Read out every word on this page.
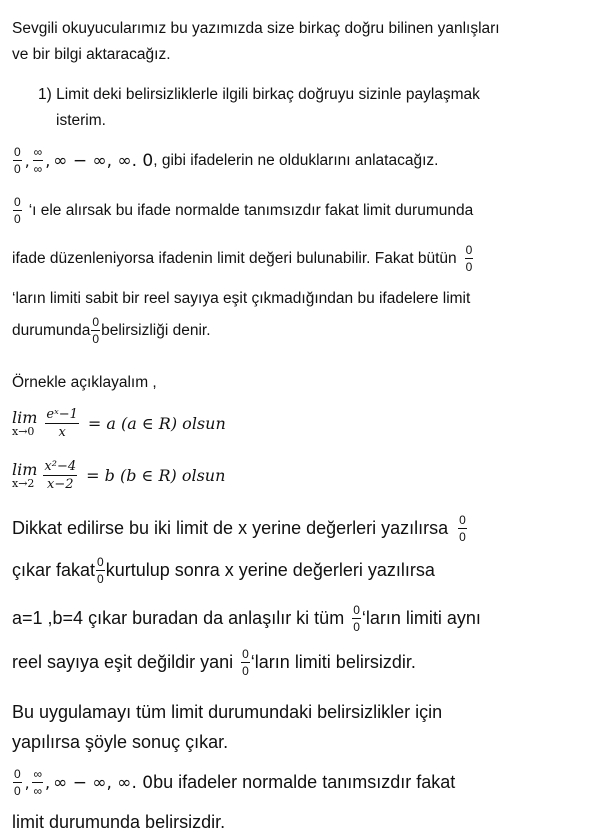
Sevgili okuyucularımız bu yazımızda size birkaç doğru bilinen yanlışları
ve bir bilgi aktaracağız.
1) Limit deki belirsizliklerle ilgili birkaç doğruyu sizinle paylaşmak
isterim.
$\frac{0}{0}$ , $\frac{\infty}{\infty}$ , ∞ − ∞, ∞. 0 , gibi ifadelerin ne olduklarını anlatacağız.
$\frac{0}{0}$ ‘ı ele alırsak bu ifade normalde tanımsızdır fakat limit durumunda
ifade düzenleniyorsa ifadenin limit değeri bulunabilir. Fakat bütün $\frac{0}{0}$
‘ların limiti sabit bir reel sayıya eşit çıkmadığından bu ifadelere limit
durumunda $\frac{0}{0}$ belirsizliği denir.
Örnekle açıklayalım ,
lim
$x\to 0 \frac{\text{eˣ−1}}{x} = a$ (a ∈ R) olsun
lim
$x\to 2 \frac{\text{x²−4}}{x-2} = b$ (b ∈ R) olsun
Dikkat edilirse bu iki limit de x yerine değerleri yazılırsa $\frac{0}{0}$
çıkar fakat $\frac{0}{0}$ kurtulup sonra x yerine değerleri yazılırsa
a=1 ,b=4 çıkar buradan da anlaşılır ki tüm $\frac{0}{0}$ ‘ların limiti aynı
reel sayıya eşit değildir yani $\frac{0}{0}$ ‘ların limiti belirsizdir.
Bu uygulamayı tüm limit durumundaki belirsizlikler için
yapılırsa şöyle sonuç çıkar.
$\frac{0}{0}$ , $\frac{\infty}{\infty}$ , ∞ − ∞, ∞. 0 bu ifadeler normalde tanımsızdır fakat
limit durumunda belirsizdir.
